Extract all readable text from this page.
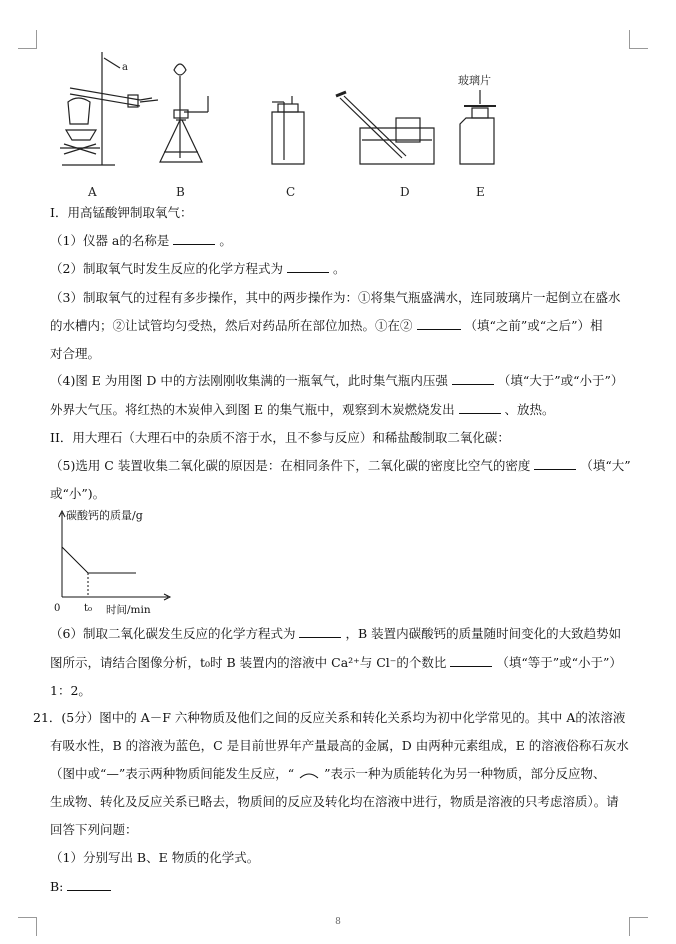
a
玻璃片
A	B	C	D	E
I．用高锰酸钾制取氧气：
（1）仪器 a的名称是	。
（2）制取氧气时发生反应的化学方程式为	。
（3）制取氧气的过程有多步操作，其中的两步操作为：①将集气瓶盛满水，连同玻璃片一起倒立在盛水
的水槽内；②让试管均匀受热，然后对药品所在部位加热。①在②	（填“之前”或“之后”）相
对合理。
（4)图 E 为用图 D 中的方法刚刚收集满的一瓶氧气，此时集气瓶内压强	（填“大于”或“小于”）
外界大气压。将红热的木炭伸入到图 E 的集气瓶中，观察到木炭燃烧发出	、放热。
II．用大理石（大理石中的杂质不溶于水，且不参与反应）和稀盐酸制取二氧化碳：
（5)选用 C 装置收集二氧化碳的原因是：在相同条件下，二氧化碳的密度比空气的密度	（填“大”
或“小”)。
碳酸钙的质量/g
0 t₀ 时间/min
（6）制取二氧化碳发生反应的化学方程式为	，B 装置内碳酸钙的质量随时间变化的大致趋势如
图所示，请结合图像分析，t₀时 B 装置内的溶液中 Ca²⁺与 Cl⁻的个数比	（填“等于”或“小于”）
1：2。
21．(5分）图中的 A－F 六种物质及他们之间的反应关系和转化关系均为初中化学常见的。其中 A的浓溶液
有吸水性，B 的溶液为蓝色，C 是目前世界年产量最高的金属，D 由两种元素组成，E 的溶液俗称石灰水
（图中或“—”表示两种物质间能发生反应，“ ”表示一种为质能转化为另一种物质，部分反应物、
生成物、转化及反应关系已略去，物质间的反应及转化均在溶液中进行，物质是溶液的只考虑溶质）。请
回答下列问题：
（1）分别写出 B、E 物质的化学式。
B:
8
